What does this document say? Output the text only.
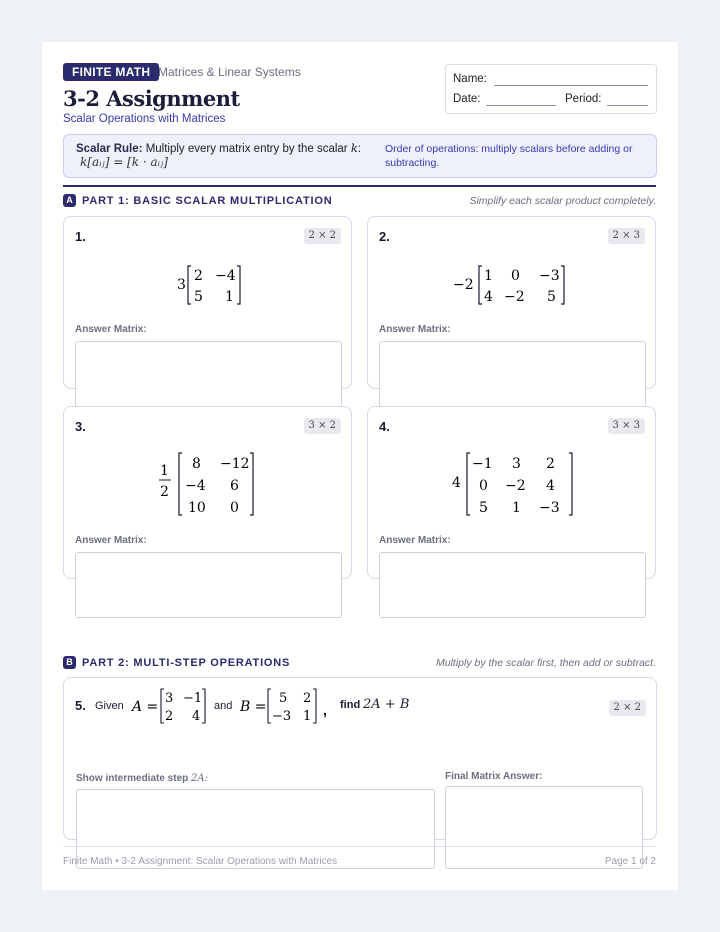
FINITE MATH Matrices & Linear Systems
3-2 Assignment
Scalar Operations with Matrices
Name:
Date:	Period:
Scalar Rule: Multiply every matrix entry by the scalar k:
k[aᵢⱼ] = [k · aᵢⱼ]
Order of operations: multiply scalars before adding or subtracting.
A PART 1: BASIC SCALAR MULTIPLICATION	Simplify each scalar product completely.
1.	2 × 2
3
2 −4
5 1
Answer Matrix:
2.	2 × 3
−2
1 0 −3
4 −2 5
Answer Matrix:
3.	3 × 2
1
2
8 −12
−4 6
10 0
Answer Matrix:
4.	3 × 3
4
−1 3 2
0 −2 4
5 1 −3
Answer Matrix:
B PART 2: MULTI-STEP OPERATIONS	Multiply by the scalar first, then add or subtract.
5. Given A =
3 −1
2 4
B =
5 2
−3 1 ,
and	find 2A + B	2 × 2
Show intermediate step 2A:	Final Matrix Answer:
Finite Math • 3-2 Assignment: Scalar Operations with Matrices	Page 1 of 2
